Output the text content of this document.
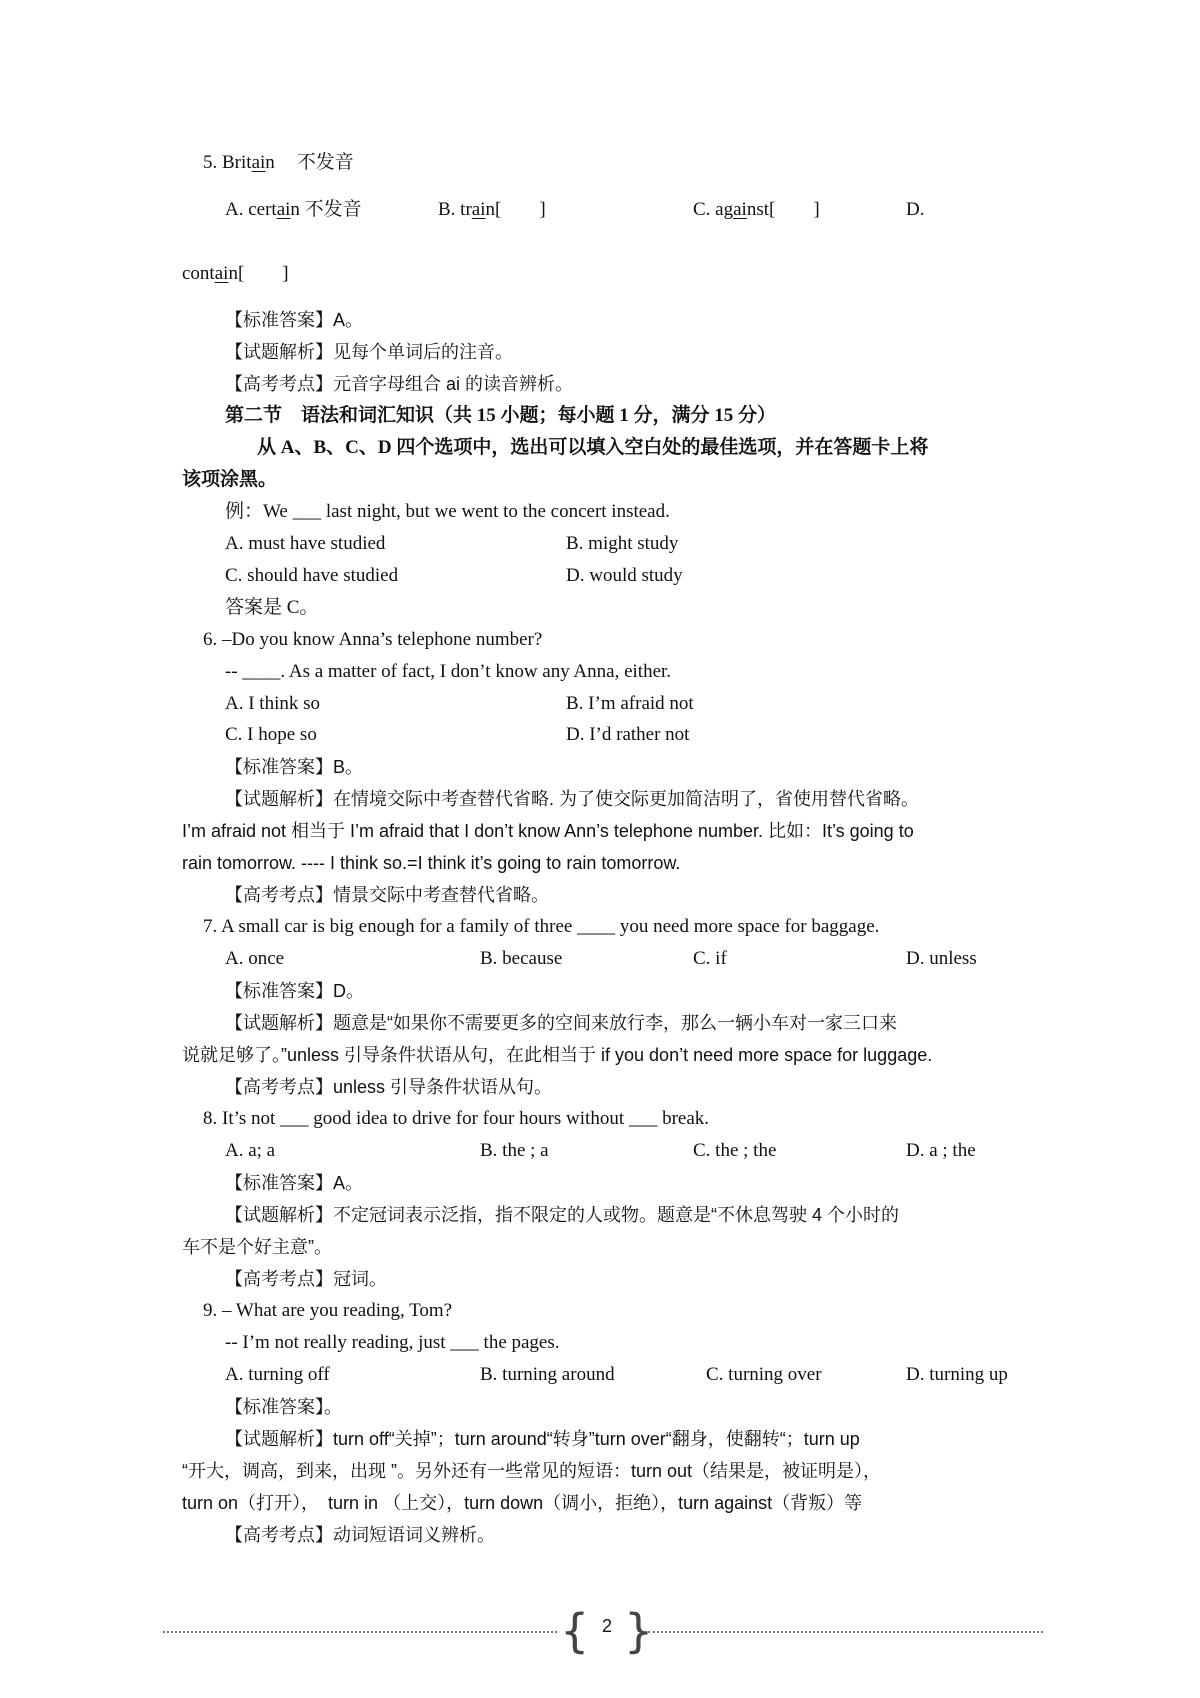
5. Britain 不发音
A. certain 不发音	B. train[　　]	C. against[　　]	D.
contain[　　]
【标准答案】A。
【试题解析】见每个单词后的注音。
【高考考点】元音字母组合 ai 的读音辨析。
第二节　语法和词汇知识（共 15 小题；每小题 1 分，满分 15 分）
从 A、B、C、D 四个选项中，选出可以填入空白处的最佳选项，并在答题卡上将
该项涂黑。
例：We ___ last night, but we went to the concert instead.
A. must have studied	B. might study
C. should have studied	D. would study
答案是 C。
6. –Do you know Anna’s telephone number?
-- ____. As a matter of fact, I don’t know any Anna, either.
A. I think so	B. I’m afraid not
C. I hope so	D. I’d rather not
【标准答案】B。
【试题解析】在情境交际中考查替代省略. 为了使交际更加简洁明了，省使用替代省略。
I’m afraid not 相当于 I’m afraid that I don’t know Ann’s telephone number. 比如：It’s going to
rain tomorrow. ---- I think so.=I think it’s going to rain tomorrow.
【高考考点】情景交际中考查替代省略。
7. A small car is big enough for a family of three ____ you need more space for baggage.
A. once	B. because	C. if	D. unless
【标准答案】D。
【试题解析】题意是“如果你不需要更多的空间来放行李，那么一辆小车对一家三口来
说就足够了。”unless 引导条件状语从句，在此相当于 if you don’t need more space for luggage.
【高考考点】unless 引导条件状语从句。
8. It’s not ___ good idea to drive for four hours without ___ break.
A. a; a	B. the ; a	C. the ; the	D. a ; the
【标准答案】A。
【试题解析】不定冠词表示泛指，指不限定的人或物。题意是“不休息驾驶 4 个小时的
车不是个好主意”。
【高考考点】冠词。
9. – What are you reading, Tom?
-- I’m not really reading, just ___ the pages.
A. turning off	B. turning around	C. turning over	D. turning up
【标准答案】。
【试题解析】turn off“关掉”；turn around“转身”turn over“翻身，使翻转“；turn up
“开大，调高，到来，出现 ”。另外还有一些常见的短语：turn out（结果是，被证明是），
turn on（打开），　turn in （上交），turn down（调小，拒绝），turn against（背叛）等
【高考考点】动词短语词义辨析。
{ 2 }
